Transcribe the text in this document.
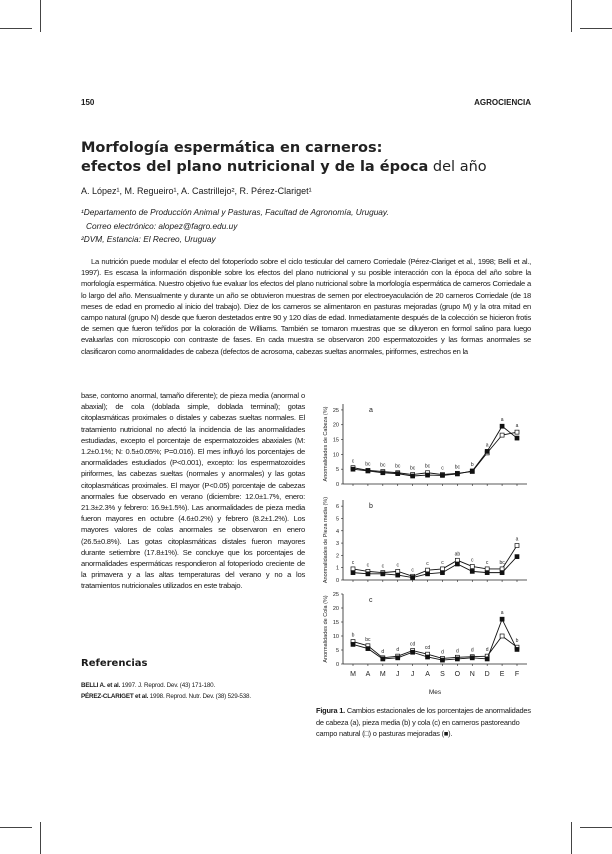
150	AGROCIENCIA
Morfología espermática en carneros:
efectos del plano nutricional y de la época del año
A. López¹, M. Regueiro¹, A. Castrillejo², R. Pérez-Clariget¹
¹Departamento de Producción Animal y Pasturas, Facultad de Agronomía, Uruguay.
Correo electrónico: alopez@fagro.edu.uy
²DVM, Estancia: El Recreo, Uruguay
La nutrición puede modular el efecto del fotoperíodo sobre el ciclo testicular del carnero Corriedale (Pérez-Clariget et al., 1998; Belli et al., 1997). Es escasa la información disponible sobre los efectos del plano nutricional y su posible interacción con la época del año sobre la morfología espermática. Nuestro objetivo fue evaluar los efectos del plano nutricional sobre la morfología espermática de carneros Corriedale a lo largo del año. Mensualmente y durante un año se obtuvieron muestras de semen por electroeyaculación de 20 carneros Corriedale (de 18 meses de edad en promedio al inicio del trabajo). Diez de los carneros se alimentaron en pasturas mejoradas (grupo M) y la otra mitad en campo natural (grupo N) desde que fueron destetados entre 90 y 120 días de edad. Inmediatamente después de la colección se hicieron frotis de semen que fueron teñidos por la coloración de Williams. También se tomaron muestras que se diluyeron en formol salino para luego evaluarlas con microscopio con contraste de fases. En cada muestra se observaron 200 espermatozoides y las formas anormales se clasificaron como anormalidades de cabeza (defectos de acrosoma, cabezas sueltas anormales, piriformes, estrechos en la
base, contorno anormal, tamaño diferente); de pieza media (anormal o abaxial); de cola (doblada simple, doblada terminal); gotas citoplasmáticas proximales o distales y cabezas sueltas normales. El tratamiento nutricional no afectó la incidencia de las anormalidades estudiadas, excepto el porcentaje de espermatozoides abaxiales (M: 1.2±0.1%; N: 0.5±0.05%; P=0.016). El mes influyó los porcentajes de anormalidades estudiados (P<0.001), excepto: los espermatozoides piriformes, las cabezas sueltas (normales y anormales) y las gotas citoplasmáticas proximales. El mayor (P<0.05) porcentaje de cabezas anormales fue observado en verano (diciembre: 12.0±1.7%, enero: 21.3±2.3% y febrero: 16.9±1.5%). Las anormalidades de pieza media fueron mayores en octubre (4.6±0.2%) y febrero (8.2±1.2%). Los mayores valores de colas anormales se observaron en enero (26.5±0.8%). Las gotas citoplasmáticas distales fueron mayores durante setiembre (17.8±1%). Se concluye que los porcentajes de anormalidades espermáticas respondieron al fotoperíodo creciente de la primavera y a las altas temperaturas del verano y no a los tratamientos nutricionales utilizados en este trabajo.
Referencias
BELLI A. et al. 1997. J. Reprod. Dev. (43) 171-180.
PÉREZ-CLARIGET et al. 1998. Reprod. Nutr. Dev. (38) 529-538.
0
5
10
15
20
25
Anormalidades de Cabeza (%)	a
c bc bc bc bc bc c bc b
a
a
a
0
1
2
3
4
5
6
Anormalidades de Pieza media (%)	b
c c c c
c
c c
ab
c c bc
a
0
5
10
15
20
25
Anormalidades de Cola (%)	c
b
bc
d d
cd
cd
d d d d
a
b
M A M J J A S O N D E F
Mes
Figura 1. Cambios estacionales de los porcentajes de anormalidades de cabeza (a), pieza media (b) y cola (c) en carneros pastoreando campo natural (□) o pasturas mejoradas (■).
